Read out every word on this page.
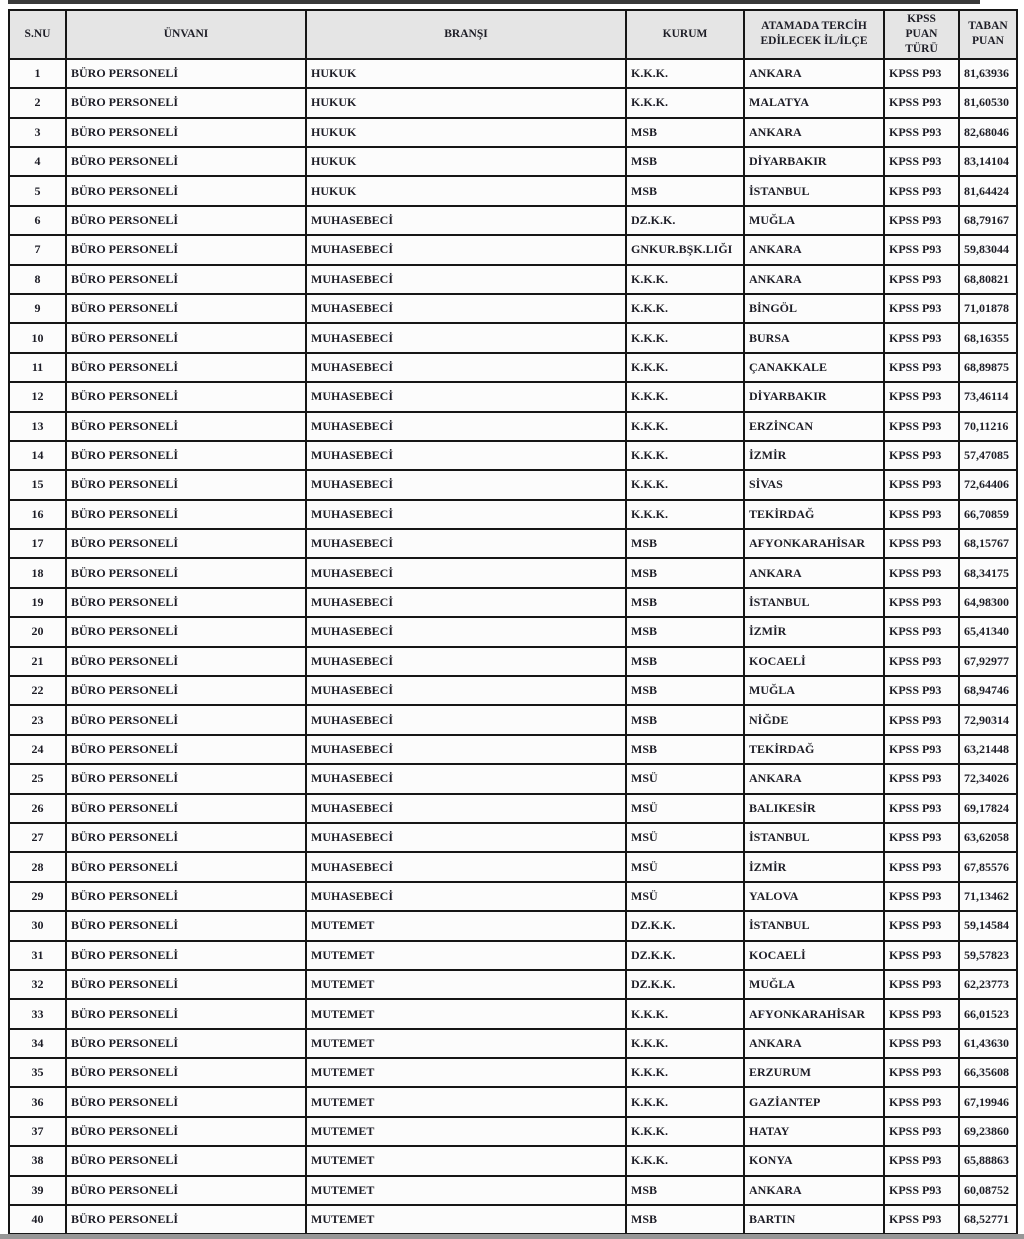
S.NU	ÜNVANI	BRANŞI	KURUM	ATAMADA TERCİH EDİLECEK İL/İLÇE	KPSS PUAN TÜRÜ	TABAN PUAN
1	BÜRO PERSONELİ	HUKUK	K.K.K.	ANKARA	KPSS P93	81,63936
2	BÜRO PERSONELİ	HUKUK	K.K.K.	MALATYA	KPSS P93	81,60530
3	BÜRO PERSONELİ	HUKUK	MSB	ANKARA	KPSS P93	82,68046
4	BÜRO PERSONELİ	HUKUK	MSB	DİYARBAKIR	KPSS P93	83,14104
5	BÜRO PERSONELİ	HUKUK	MSB	İSTANBUL	KPSS P93	81,64424
6	BÜRO PERSONELİ	MUHASEBECİ	DZ.K.K.	MUĞLA	KPSS P93	68,79167
7	BÜRO PERSONELİ	MUHASEBECİ	GNKUR.BŞK.LIĞI	ANKARA	KPSS P93	59,83044
8	BÜRO PERSONELİ	MUHASEBECİ	K.K.K.	ANKARA	KPSS P93	68,80821
9	BÜRO PERSONELİ	MUHASEBECİ	K.K.K.	BİNGÖL	KPSS P93	71,01878
10	BÜRO PERSONELİ	MUHASEBECİ	K.K.K.	BURSA	KPSS P93	68,16355
11	BÜRO PERSONELİ	MUHASEBECİ	K.K.K.	ÇANAKKALE	KPSS P93	68,89875
12	BÜRO PERSONELİ	MUHASEBECİ	K.K.K.	DİYARBAKIR	KPSS P93	73,46114
13	BÜRO PERSONELİ	MUHASEBECİ	K.K.K.	ERZİNCAN	KPSS P93	70,11216
14	BÜRO PERSONELİ	MUHASEBECİ	K.K.K.	İZMİR	KPSS P93	57,47085
15	BÜRO PERSONELİ	MUHASEBECİ	K.K.K.	SİVAS	KPSS P93	72,64406
16	BÜRO PERSONELİ	MUHASEBECİ	K.K.K.	TEKİRDAĞ	KPSS P93	66,70859
17	BÜRO PERSONELİ	MUHASEBECİ	MSB	AFYONKARAHİSAR	KPSS P93	68,15767
18	BÜRO PERSONELİ	MUHASEBECİ	MSB	ANKARA	KPSS P93	68,34175
19	BÜRO PERSONELİ	MUHASEBECİ	MSB	İSTANBUL	KPSS P93	64,98300
20	BÜRO PERSONELİ	MUHASEBECİ	MSB	İZMİR	KPSS P93	65,41340
21	BÜRO PERSONELİ	MUHASEBECİ	MSB	KOCAELİ	KPSS P93	67,92977
22	BÜRO PERSONELİ	MUHASEBECİ	MSB	MUĞLA	KPSS P93	68,94746
23	BÜRO PERSONELİ	MUHASEBECİ	MSB	NİĞDE	KPSS P93	72,90314
24	BÜRO PERSONELİ	MUHASEBECİ	MSB	TEKİRDAĞ	KPSS P93	63,21448
25	BÜRO PERSONELİ	MUHASEBECİ	MSÜ	ANKARA	KPSS P93	72,34026
26	BÜRO PERSONELİ	MUHASEBECİ	MSÜ	BALIKESİR	KPSS P93	69,17824
27	BÜRO PERSONELİ	MUHASEBECİ	MSÜ	İSTANBUL	KPSS P93	63,62058
28	BÜRO PERSONELİ	MUHASEBECİ	MSÜ	İZMİR	KPSS P93	67,85576
29	BÜRO PERSONELİ	MUHASEBECİ	MSÜ	YALOVA	KPSS P93	71,13462
30	BÜRO PERSONELİ	MUTEMET	DZ.K.K.	İSTANBUL	KPSS P93	59,14584
31	BÜRO PERSONELİ	MUTEMET	DZ.K.K.	KOCAELİ	KPSS P93	59,57823
32	BÜRO PERSONELİ	MUTEMET	DZ.K.K.	MUĞLA	KPSS P93	62,23773
33	BÜRO PERSONELİ	MUTEMET	K.K.K.	AFYONKARAHİSAR	KPSS P93	66,01523
34	BÜRO PERSONELİ	MUTEMET	K.K.K.	ANKARA	KPSS P93	61,43630
35	BÜRO PERSONELİ	MUTEMET	K.K.K.	ERZURUM	KPSS P93	66,35608
36	BÜRO PERSONELİ	MUTEMET	K.K.K.	GAZİANTEP	KPSS P93	67,19946
37	BÜRO PERSONELİ	MUTEMET	K.K.K.	HATAY	KPSS P93	69,23860
38	BÜRO PERSONELİ	MUTEMET	K.K.K.	KONYA	KPSS P93	65,88863
39	BÜRO PERSONELİ	MUTEMET	MSB	ANKARA	KPSS P93	60,08752
40	BÜRO PERSONELİ	MUTEMET	MSB	BARTIN	KPSS P93	68,52771
